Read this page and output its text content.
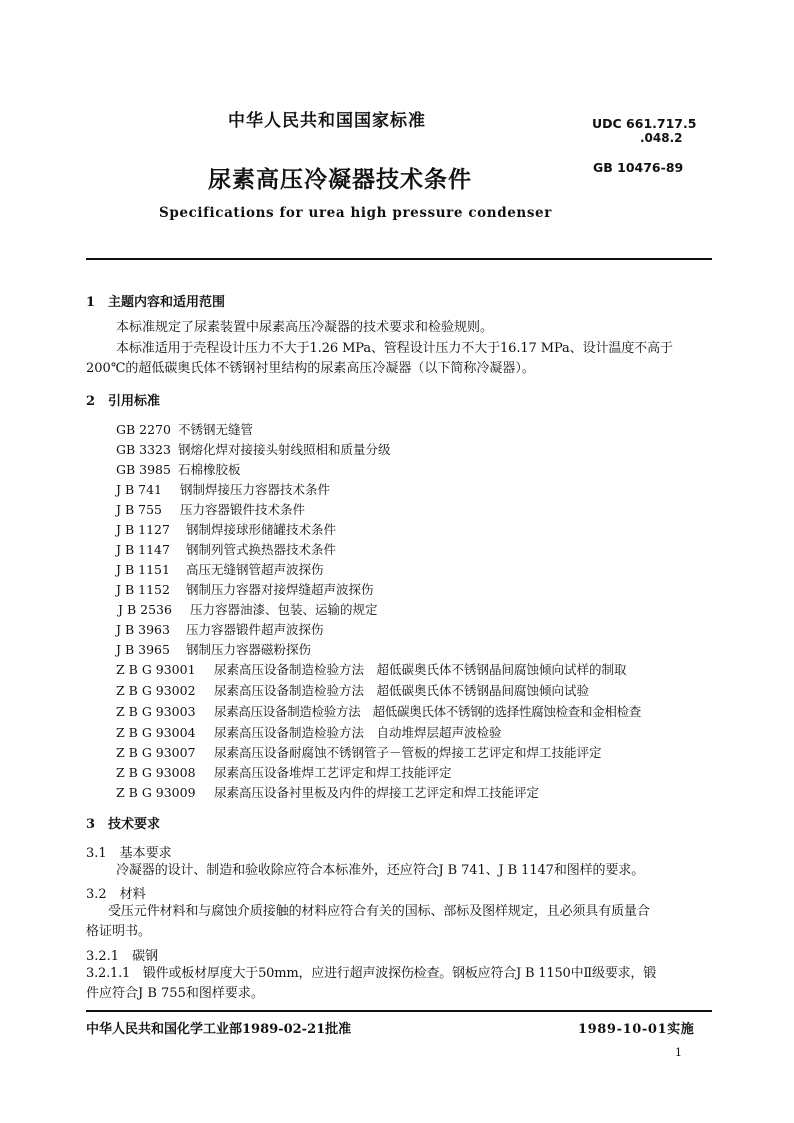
中华人民共和国国家标准	UDC 661.717.5
.048.2
尿素高压冷凝器技术条件	GB 10476-89
Specifications for urea high pressure condenser
1　主题内容和适用范围
本标准规定了尿素装置中尿素高压冷凝器的技术要求和检验规则。
本标准适用于壳程设计压力不大于1.26 MPa、管程设计压力不大于16.17 MPa、设计温度不高于
200℃的超低碳奥氏体不锈钢衬里结构的尿素高压冷凝器（以下简称冷凝器）。
2　引用标准
GB 2270 不锈钢无缝管
GB 3323 钢熔化焊对接接头射线照相和质量分级
GB 3985 石棉橡胶板
J B 741 钢制焊接压力容器技术条件
J B 755 压力容器锻件技术条件
J B 1127 钢制焊接球形储罐技术条件
J B 1147 钢制列管式换热器技术条件
J B 1151 高压无缝钢管超声波探伤
J B 1152 钢制压力容器对接焊缝超声波探伤
J B 2536 压力容器油漆、包装、运输的规定
J B 3963 压力容器锻件超声波探伤
J B 3965 钢制压力容器磁粉探伤
Z B G 93001 尿素高压设备制造检验方法　超低碳奥氏体不锈钢晶间腐蚀倾向试样的制取
Z B G 93002 尿素高压设备制造检验方法　超低碳奥氏体不锈钢晶间腐蚀倾向试验
Z B G 93003 尿素高压设备制造检验方法　超低碳奥氏体不锈钢的选择性腐蚀检查和金相检查
Z B G 93004 尿素高压设备制造检验方法　自动堆焊层超声波检验
Z B G 93007 尿素高压设备耐腐蚀不锈钢管子－管板的焊接工艺评定和焊工技能评定
Z B G 93008 尿素高压设备堆焊工艺评定和焊工技能评定
Z B G 93009 尿素高压设备衬里板及内件的焊接工艺评定和焊工技能评定
3　技术要求
3.1　基本要求
冷凝器的设计、制造和验收除应符合本标准外，还应符合J B 741、J B 1147和图样的要求。
3.2　材料
受压元件材料和与腐蚀介质接触的材料应符合有关的国标、部标及图样规定，且必须具有质量合
格证明书。
3.2.1　碳钢
3.2.1.1　锻件或板材厚度大于50mm，应进行超声波探伤检查。钢板应符合J B 1150中Ⅱ级要求，锻
件应符合J B 755和图样要求。
中华人民共和国化学工业部1989-02-21批准	1989-10-01实施
1
